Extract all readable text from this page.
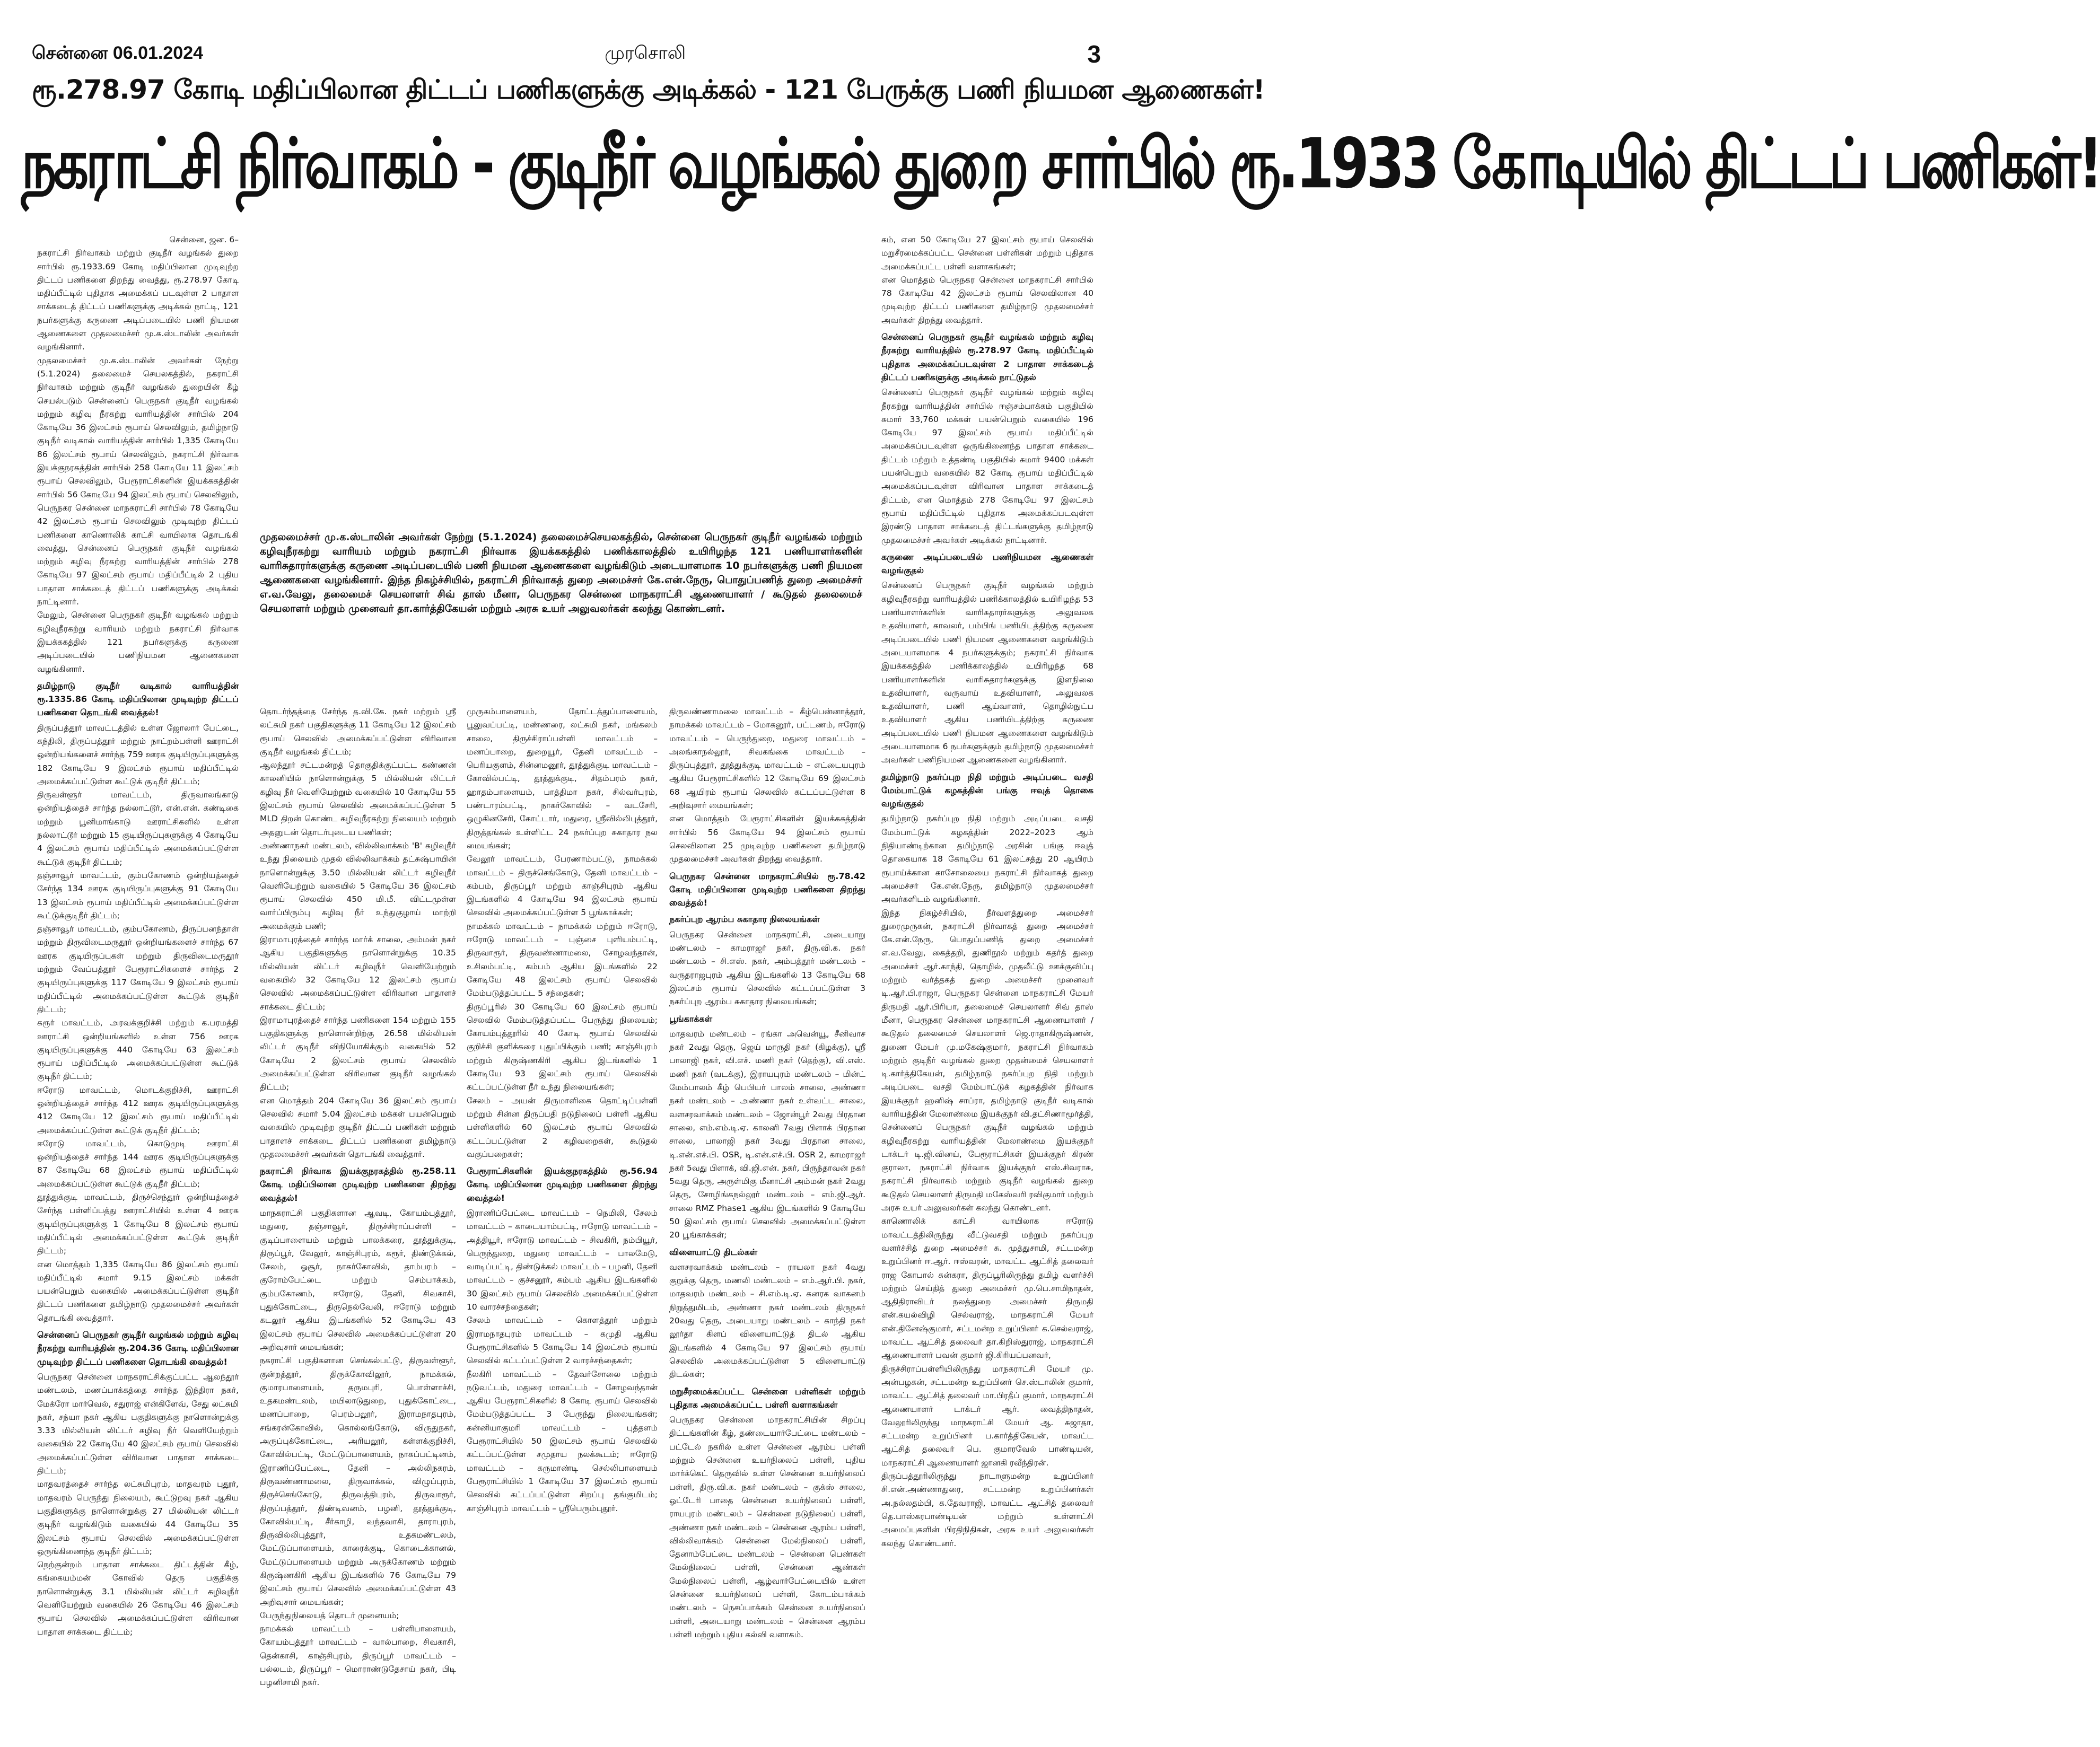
சென்னை 06.01.2024	முரசொலி	3
ரூ.278.97 கோடி மதிப்பிலான திட்டப் பணிகளுக்கு அடிக்கல் - 121 பேருக்கு பணி நியமன ஆணைகள்!
நகராட்சி நிர்வாகம் - குடிநீர் வழங்கல் துறை சார்பில் ரூ.1933 கோடியில் திட்டப் பணிகள்!
முதலமைச்சர் மு.க.ஸ்டாலின் அவர்கள் நேற்று (5.1.2024) தலைமைச்செயலகத்தில், சென்னை பெருநகர் குடிநீர் வழங்கல் மற்றும் கழிவுநீரகற்று வாரியம் மற்றும் நகராட்சி நிர்வாக இயக்ககத்தில் பணிக்காலத்தில் உயிரிழந்த 121 பணியாளர்களின் வாரிசுதாரர்களுக்கு கருணை அடிப்படையில் பணி நியமன ஆணைகளை வழங்கிடும் அடையாளமாக 10 நபர்களுக்கு பணி நியமன ஆணைகளை வழங்கினார். இந்த நிகழ்ச்சியில், நகராட்சி நிர்வாகத் துறை அமைச்சர் கே.என்.நேரு, பொதுப்பணித் துறை அமைச்சர் எ.வ.வேலு, தலைமைச் செயலாளர் சிவ் தாஸ் மீனா, பெருநகர சென்னை மாநகராட்சி ஆணையாளர் / கூடுதல் தலைமைச் செயலாளர் மற்றும் முனைவர் தா.கார்த்திகேயன் மற்றும் அரசு உயர் அலுவலர்கள் கலந்து கொண்டனர்.

சென்னை, ஜன. 6–

நகராட்சி நிர்வாகம் மற்றும் குடிநீர் வழங்கல் துறை சார்பில் ரூ.1933.69 கோடி மதிப்பிலான முடிவுற்ற திட்டப் பணிகளை திறந்து வைத்து, ரூ.278.97 கோடி மதிப்பீட்டில் புதிதாக அமைக்கப் படவுள்ள 2 பாதாள சாக்கடைத் திட்டப் பணிகளுக்கு அடிக்கல் நாட்டி, 121 நபர்களுக்கு கருணை அடிப்படையில் பணி நியமன ஆணைகளை முதலமைச்சர் மு.க.ஸ்டாலின் அவர்கள் வழங்கினார்.

முதலமைச்சர் மு.க.ஸ்டாலின் அவர்கள் நேற்று (5.1.2024) தலைமைச் செயலகத்தில், நகராட்சி நிர்வாகம் மற்றும் குடிநீர் வழங்கல் துறையின் கீழ் செயல்படும் சென்னைப் பெருநகர் குடிநீர் வழங்கல் மற்றும் கழிவு நீரகற்று வாரியத்தின் சார்பில் 204 கோடியே 36 இலட்சம் ரூபாய் செலவிலும், தமிழ்நாடு குடிநீர் வடிகால் வாரியத்தின் சார்பில் 1,335 கோடியே 86 இலட்சம் ரூபாய் செலவிலும், நகராட்சி நிர்வாக இயக்குநரகத்தின் சார்பில் 258 கோடியே 11 இலட்சம் ரூபாய் செலவிலும், பேரூராட்சிகளின் இயக்ககத்தின் சார்பில் 56 கோடியே 94 இலட்சம் ரூபாய் செலவிலும், பெருநகர சென்னை மாநகராட்சி சார்பில் 78 கோடியே 42 இலட்சம் ரூபாய் செலவிலும் முடிவுற்ற திட்டப் பணிகளை காணொலிக் காட்சி வாயிலாக தொடங்கி வைத்து, சென்னைப் பெருநகர் குடிநீர் வழங்கல் மற்றும் கழிவு நீரகற்று வாரியத்தின் சார்பில் 278 கோடியே 97 இலட்சம் ரூபாய் மதிப்பீட்டில் 2 புதிய பாதாள சாக்கடைத் திட்டப் பணிகளுக்கு அடிக்கல் நாட்டினார்.

மேலும், சென்னை பெருநகர் குடிநீர் வழங்கல் மற்றும் கழிவுநீரகற்று வாரியம் மற்றும் நகராட்சி நிர்வாக இயக்ககத்தில் 121 நபர்களுக்கு கருணை அடிப்படையில் பணிநியமன ஆணைகளை வழங்கினார்.

தமிழ்நாடு குடிநீர் வடிகால் வாரியத்தின் ரூ.1335.86 கோடி மதிப்பிலான முடிவுற்ற திட்டப் பணிகளை தொடங்கி வைத்தல்!

திருப்பத்தூர் மாவட்டத்தில் உள்ள ஜோலார் பேட்டை, கந்திலி, திருப்பத்தூர் மற்றும் நாட்றம்பள்ளி ஊராட்சி ஒன்றியங்களைச் சார்ந்த 759 ஊரக குடியிருப்புகளுக்கு 182 கோடியே 9 இலட்சம் ரூபாய் மதிப்பீட்டில் அமைக்கப்பட்டுள்ள கூட்டுக் குடிநீர் திட்டம்;

திருவள்ளூர் மாவட்டம், திருவாலங்காடு ஒன்றியத்தைச் சார்ந்த நல்லாட்டூர், என்.என். கண்டிகை மற்றும் பூனிமாங்காடு ஊராட்சிகளில் உள்ள நல்லாட்டூர் மற்றும் 15 குடியிருப்புகளுக்கு 4 கோடியே 4 இலட்சம் ரூபாய் மதிப்பீட்டில் அமைக்கப்பட்டுள்ள கூட்டுக் குடிநீர் திட்டம்;

தஞ்சாவூர் மாவட்டம், கும்பகோணம் ஒன்றியத்தைச் சேர்ந்த 134 ஊரக குடியிருப்புகளுக்கு 91 கோடியே 13 இலட்சம் ரூபாய் மதிப்பீட்டில் அமைக்கப்பட்டுள்ள கூட்டுக்குடிநீர் திட்டம்;

தஞ்சாவூர் மாவட்டம், கும்பகோணம், திருப்பனந்தாள் மற்றும் திருவிடைமருதூர் ஒன்றியங்களைச் சார்ந்த 67 ஊரக குடியிருப்புகள் மற்றும் திருவிடைமருதூர் மற்றும் வேப்பத்தூர் பேரூராட்சிகளைச் சார்ந்த 2 குடியிருப்புகளுக்கு 117 கோடியே 9 இலட்சம் ரூபாய் மதிப்பீட்டில் அமைக்கப்பட்டுள்ள கூட்டுக் குடிநீர் திட்டம்;

கரூர் மாவட்டம், அரவக்குறிச்சி மற்றும் க.பரமத்தி ஊராட்சி ஒன்றியங்களில் உள்ள 756 ஊரக குடியிருப்புகளுக்கு 440 கோடியே 63 இலட்சம் ரூபாய் மதிப்பீட்டில் அமைக்கப்பட்டுள்ள கூட்டுக் குடிநீர் திட்டம்;

ஈரோடு மாவட்டம், மொடக்குறிச்சி, ஊராட்சி ஒன்றியத்தைச் சார்ந்த 412 ஊரக குடியிருப்புகளுக்கு 412 கோடியே 12 இலட்சம் ரூபாய் மதிப்பீட்டில் அமைக்கப்பட்டுள்ள கூட்டுக் குடிநீர் திட்டம்;

ஈரோடு மாவட்டம், கொடுமுடி ஊராட்சி ஒன்றியத்தைச் சார்ந்த 144 ஊரக குடியிருப்புகளுக்கு 87 கோடியே 68 இலட்சம் ரூபாய் மதிப்பீட்டில் அமைக்கப்பட்டுள்ள கூட்டுக் குடிநீர் திட்டம்;

தூத்துக்குடி மாவட்டம், திருச்செந்தூர் ஒன்றியத்தைச் சேர்ந்த பள்ளிப்பத்து ஊராட்சியில் உள்ள 4 ஊரக குடியிருப்புகளுக்கு 1 கோடியே 8 இலட்சம் ரூபாய் மதிப்பீட்டில் அமைக்கப்பட்டுள்ள கூட்டுக் குடிநீர் திட்டம்;

என மொத்தம் 1,335 கோடியே 86 இலட்சம் ரூபாய் மதிப்பீட்டில் சுமார் 9.15 இலட்சம் மக்கள் பயன்பெறும் வகையில் அமைக்கப்பட்டுள்ள குடிநீர் திட்டப் பணிகளை தமிழ்நாடு முதலமைச்சர் அவர்கள் தொடங்கி வைத்தார்.

சென்னைப் பெருநகர் குடிநீர் வழங்கல் மற்றும் கழிவு நீரகற்று வாரியத்தின் ரூ.204.36 கோடி மதிப்பிலான முடிவுற்ற திட்டப் பணிகளை தொடங்கி வைத்தல்!

பெருநகர சென்னை மாநகராட்சிக்குட்பட்ட ஆலந்தூர் மண்டலம், மணப்பாக்கத்தை சார்ந்த இந்திரா நகர், மேக்ரோ மார்வெல், சதுராஜ் என்கிளேவ், சேது லட்சுமி நகர், சந்யா நகர் ஆகிய பகுதிகளுக்கு நாளொன்றுக்கு 3.33 மில்லியன் லிட்டர் கழிவு நீர் வெளியேற்றும் வகையில் 22 கோடியே 40 இலட்சம் ரூபாய் செலவில் அமைக்கப்பட்டுள்ள விரிவான பாதாள சாக்கடை திட்டம்;

மாதவரத்தைச் சார்ந்த லட்சுமிபுரம், மாதவரம் புதூர், மாதவரம் பெருந்து நிலையம், கூட்டுறவு நகர் ஆகிய பகுதிகளுக்கு நாளொன்றுக்கு 27 மில்லியன் லிட்டர் குடிநீர் வழங்கிடும் வகையில் 44 கோடியே 35 இலட்சம் ரூபாய் செலவில் அமைக்கப்பட்டுள்ள ஒருங்கிணைந்த குடிநீர் திட்டம்;

நெற்குன்றம் பாதாள சாக்கடை திட்டத்தின் கீழ், கங்கையம்மன் கோவில் தெரு பகுதிக்கு நாளொன்றுக்கு 3.1 மில்லியன் லிட்டர் கழிவுநீர் வெளியேற்றும் வகையில் 26 கோடியே 46 இலட்சம் ரூபாய் செலவில் அமைக்கப்பட்டுள்ள விரிவான பாதாள சாக்கடை திட்டம்;

தொடர்ந்தத்தை சேர்ந்த த.வி.கே. நகர் மற்றும் ஸ்ரீ லட்சுமி நகர் பகுதிகளுக்கு 11 கோடியே 12 இலட்சம் ரூபாய் செலவில் அமைக்கப்பட்டுள்ள விரிவான குடிநீர் வழங்கல் திட்டம்;

ஆலந்தூர் சட்டமன்றத் தொகுதிக்குட்பட்ட கண்ணன் காலனியில் நாளொன்றுக்கு 5 மில்லியன் லிட்டர் கழிவு நீர் வெளியேற்றும் வகையில் 10 கோடியே 55 இலட்சம் ரூபாய் செலவில் அமைக்கப்பட்டுள்ள 5 MLD திறன் கொண்ட கழிவுநீரகற்று நிலையம் மற்றும் அதனுடன் தொடர்புடைய பணிகள்;

அண்ணாநகர் மண்டலம், வில்லிவாக்கம் 'B' கழிவுநீர் உந்து நிலையம் முதல் வில்லிவாக்கம் தட்சுஷ்பாயின் நாளொன்றுக்கு 3.50 மில்லியன் லிட்டர் கழிவுநீர் வெளியேற்றும் வகையில் 5 கோடியே 36 இலட்சம் ரூபாய் செலவில் 450 மி.மீ. விட்டமுள்ள வார்ப்பிரும்பு கழிவு நீர் உந்துகுழாய் மாற்றி அமைக்கும் பணி;

இராமாபுரத்தைச் சார்ந்த மார்க் சாலை, அம்மன் நகர் ஆகிய பகுதிகளுக்கு நாளொன்றுக்கு 10.35 மில்லியன் லிட்டர் கழிவுநீர் வெளியேற்றும் வகையில் 32 கோடியே 12 இலட்சம் ரூபாய் செலவில் அமைக்கப்பட்டுள்ள விரிவான பாதாளச் சாக்கடை திட்டம்;

இராமாபுரத்தைச் சார்ந்த பணிகளை 154 மற்றும் 155 பகுதிகளுக்கு நாளொன்றிற்கு 26.58 மில்லியன் லிட்டர் குடிநீர் விநியோகிக்கும் வகையில் 52 கோடியே 2 இலட்சம் ரூபாய் செலவில் அமைக்கப்பட்டுள்ள விரிவான குடிநீர் வழங்கல் திட்டம்;

என மொத்தம் 204 கோடியே 36 இலட்சம் ரூபாய் செலவில் சுமார் 5.04 இலட்சம் மக்கள் பயன்பெறும் வகையில் முடிவுற்ற குடிநீர் திட்டப் பணிகள் மற்றும் பாதாளச் சாக்கடை திட்டப் பணிகளை தமிழ்நாடு முதலமைச்சர் அவர்கள் தொடங்கி வைத்தார்.

நகராட்சி நிர்வாக இயக்குநரகத்தில் ரூ.258.11 கோடி மதிப்பிலான முடிவுற்ற பணிகளை திறந்து வைத்தல்!

மாநகராட்சி பகுதிகளான ஆவடி, கோயம்புத்தூர், மதுரை, தஞ்சாவூர், திருச்சிராப்பள்ளி – குடிப்பாளையம் மற்றும் பாலக்கரை, தூத்துக்குடி, திருப்பூர், வேலூர், காஞ்சிபுரம், கரூர், திண்டுக்கல், சேலம், ஓசூர், நாகர்கோவில், தாம்பரம் – குரோம்பேட்டை மற்றும் செம்பாக்கம், கும்பகோணம், ஈரோடு, தேனி, சிவகாசி, புதுக்கோட்டை, திருநெல்வேலி, ஈரோடு மற்றும் கடலூர் ஆகிய இடங்களில் 52 கோடியே 43 இலட்சம் ரூபாய் செலவில் அமைக்கப்பட்டுள்ள 20 அறிவுசார் மையங்கள்;

நகராட்சி பகுதிகளான செங்கல்பட்டு, திருவள்ளூர், குன்றத்தூர், திருக்கோவிலூர், நாமக்கல், குமாரபாளையம், தருமபுரி, பொள்ளாச்சி, உதகமண்டலம், மயிலாடுதுறை, புதுக்கோட்டை, மணப்பாறை, பெரம்பலூர், இராமநாதபுரம், சங்கரன்கோவில், கொல்லங்கோடு, விருதுநகர், அருப்புக்கோட்டை, அரியலூர், கள்ளக்குறிச்சி, கோவில்பட்டி, மேட்டுப்பாளையம், நாகப்பட்டினம், இராணிப்பேட்டை, தேனி – அல்லிநகரம், திருவண்ணாமலை, திருவாக்கல், விழுப்புரம், திருச்செங்கோடு, திருவத்திபுரம், திருவாரூர், திருப்பத்தூர், திண்டிவனம், பழனி, தூத்துக்குடி, கோவில்பட்டி, சீர்காழி, வந்தவாசி, தாராபுரம், திருவில்லிபுத்தூர், உதகமண்டலம், மேட்டுப்பாளையம், காரைக்குடி, கொடைக்கானல், மேட்டுப்பாளையம் மற்றும் அருக்கோணம் மற்றும் கிருஷ்ணகிரி ஆகிய இடங்களில் 76 கோடியே 79 இலட்சம் ரூபாய் செலவில் அமைக்கப்பட்டுள்ள 43 அறிவுசார் மையங்கள்;

பேருந்துநிலையத் தொடர் முனையம்;

நாமக்கல் மாவட்டம் – பள்ளிபாளையம், கோயம்புத்தூர் மாவட்டம் – வால்பாறை, சிவகாசி, தென்காசி, காஞ்சிபுரம், திருப்பூர் மாவட்டம் – பல்லடம், திருப்பூர் – மொராண்டுதேசாய் நகர், பிடி பழனிசாமி நகர்.

முருகம்பாளையம், தோட்டத்துப்பாளையம், பூலுவப்பட்டி, மண்ணரை, லட்சுமி நகர், மங்கலம் சாலை, திருச்சிராப்பள்ளி மாவட்டம் – மணப்பாறை, துறையூர், தேனி மாவட்டம் – பெரியகுளம், சின்னமனூர், தூத்துக்குடி மாவட்டம் – கோவில்பட்டி, தூத்துக்குடி, சிதம்பரம் நகர், ஹாதம்பாளையம், பாத்திமா நகர், சில்வர்புரம், பண்டாரம்பட்டி, நாகர்கோவில் – வடசேரி, ஒழுகினசேரி, கோட்டார், மதுரை, ஸ்ரீவில்லிபுத்தூர், திருத்தங்கல் உள்ளிட்ட 24 நகர்ப்புற சுகாதார நல மையங்கள்;

வேலூர் மாவட்டம், பேரணாம்பட்டு, நாமக்கல் மாவட்டம் – திருச்செங்கோடு, தேனி மாவட்டம் – கம்பம், திருப்பூர் மற்றும் காஞ்சிபுரம் ஆகிய இடங்களில் 4 கோடியே 94 இலட்சம் ரூபாய் செலவில் அமைக்கப்பட்டுள்ள 5 பூங்காக்கள்;

நாமக்கல் மாவட்டம் – நாமக்கல் மற்றும் ஈரோடு, ஈரோடு மாவட்டம் – புஞ்சை புளியம்பட்டி, திருவாரூர், திருவண்ணாமலை, சோழவந்தான், உசிலம்பட்டி, கம்பம் ஆகிய இடங்களில் 22 கோடியே 48 இலட்சம் ரூபாய் செலவில் மேம்படுத்தப்பட்ட 5 சந்தைகள்;

திருப்பூரில் 30 கோடியே 60 இலட்சம் ரூபாய் செலவில் மேம்படுத்தப்பட்ட பேருந்து நிலையம்; கோயம்புத்தூரில் 40 கோடி ரூபாய் செலவில் குறிச்சி குளிக்கரை புதுப்பிக்கும் பணி; காஞ்சிபுரம் மற்றும் கிருஷ்ணகிரி ஆகிய இடங்களில் 1 கோடியே 93 இலட்சம் ரூபாய் செலவில் கட்டப்பட்டுள்ள நீர் உந்து நிலையங்கள்;

சேலம் – அயன் திருமாளிகை தொட்டிப்பள்ளி மற்றும் சின்ன திருப்பதி நடுநிலைப் பள்ளி ஆகிய பள்ளிகளில் 60 இலட்சம் ரூபாய் செலவில் கட்டப்பட்டுள்ள 2 கழிவறைகள், கூடுதல் வகுப்பறைகள்;

பேரூராட்சிகளின் இயக்குநரகத்தில் ரூ.56.94 கோடி மதிப்பிலான முடிவுற்ற பணிகளை திறந்து வைத்தல்!

இராணிப்பேட்டை மாவட்டம் – நெமிலி, சேலம் மாவட்டம் – காடையாம்பட்டி, ஈரோடு மாவட்டம் – அத்தியூர், ஈரோடு மாவட்டம் – சிவகிரி, நம்பியூர், பெருந்துறை, மதுரை மாவட்டம் – பாலமேடு, வாடிப்பட்டி, திண்டுக்கல் மாவட்டம் – பழனி, தேனி மாவட்டம் – குச்சனூர், கம்பம் ஆகிய இடங்களில் 30 இலட்சம் ரூபாய் செலவில் அமைக்கப்பட்டுள்ள 10 வாரச்சந்தைகள்;

சேலம் மாவட்டம் – கொளத்தூர் மற்றும் இராமநாதபுரம் மாவட்டம் – கமுதி ஆகிய பேரூராட்சிகளில் 5 கோடியே 14 இலட்சம் ரூபாய் செலவில் கட்டப்பட்டுள்ள 2 வாரச்சந்தைகள்;

நீலகிரி மாவட்டம் – தேவர்சோலை மற்றும் நடுவட்டம், மதுரை மாவட்டம் – சோழவந்தான் ஆகிய பேரூராட்சிகளில் 8 கோடி ரூபாய் செலவில் மேம்படுத்தப்பட்ட 3 பேருந்து நிலையங்கள்; கன்னியாகுமரி மாவட்டம் – புத்தளம் பேரூராட்சியில் 50 இலட்சம் ரூபாய் செலவில் கட்டப்பட்டுள்ள சமுதாய நலக்கூடம்; ஈரோடு மாவட்டம் – கருமாண்டி செல்லிபாளையம் பேரூராட்சியில் 1 கோடியே 37 இலட்சம் ரூபாய் செலவில் கட்டப்பட்டுள்ள சிறப்பு தங்குமிடம்; காஞ்சிபுரம் மாவட்டம் – ஸ்ரீபெரும்புதூர்.

திருவண்ணாமலை மாவட்டம் – கீழ்பென்னாத்தூர், நாமக்கல் மாவட்டம் – மோகனூர், பட்டணம், ஈரோடு மாவட்டம் – பெருந்துறை, மதுரை மாவட்டம் – அலங்காநல்லூர், சிவகங்கை மாவட்டம் – திருப்புத்தூர், தூத்துக்குடி மாவட்டம் – எட்டையபுரம் ஆகிய பேரூராட்சிகளில் 12 கோடியே 69 இலட்சம் 68 ஆயிரம் ரூபாய் செலவில் கட்டப்பட்டுள்ள 8 அறிவுசார் மையங்கள்;

என மொத்தம் பேரூராட்சிகளின் இயக்ககத்தின் சார்பில் 56 கோடியே 94 இலட்சம் ரூபாய் செலவிலான 25 முடிவுற்ற பணிகளை தமிழ்நாடு முதலமைச்சர் அவர்கள் திறந்து வைத்தார்.

பெருநகர சென்னை மாநகராட்சியில் ரூ.78.42 கோடி மதிப்பிலான முடிவுற்ற பணிகளை திறந்து வைத்தல்!
நகர்ப்புற ஆரம்ப சுகாதார நிலையங்கள்

பெருநகர சென்னை மாநகராட்சி, அடையாறு மண்டலம் – காமராஜர் நகர், திரு.வி.க. நகர் மண்டலம் – சி.எஸ். நகர், அம்பத்தூர் மண்டலம் – வருதராஜபுரம் ஆகிய இடங்களில் 13 கோடியே 68 இலட்சம் ரூபாய் செலவில் கட்டப்பட்டுள்ள 3 நகர்ப்புற ஆரம்ப சுகாதார நிலையங்கள்;

பூங்காக்கள்

மாதவரம் மண்டலம் – ரங்கா அவென்யூ, சீனிவாச நகர் 2வது தெரு, ஜெய் மாருதி நகர் (கிழக்கு), ஸ்ரீ பாலாஜி நகர், வி.எச். மணி நகர் (தெற்கு), வி.எஸ். மணி நகர் (வடக்கு), இராயபுரம் மண்டலம் – மின்ட் மேம்பாலம் கீழ் பெபியர் பாலம் சாலை, அண்ணா நகர் மண்டலம் – அண்ணா நகர் உள்வட்ட சாலை, வளசரவாக்கம் மண்டலம் – ஜோன்பூர் 2வது பிரதான சாலை, எம்.எம்.டி.ஏ. காலனி 7வது பிளாக் பிரதான சாலை, பாலாஜி நகர் 3வது பிரதான சாலை, டி.என்.எச்.பி. OSR, டி.என்.எச்.பி. OSR 2, காமராஜர் நகர் 5வது பிளாக், வி.ஜி.என். நகர், பிருந்தாவன் நகர் 5வது தெரு, அருள்மிகு மீனாட்சி அம்மன் நகர் 2வது தெரு, சோழிங்கநல்லூர் மண்டலம் – எம்.ஜி.ஆர். சாலை RMZ Phase1 ஆகிய இடங்களில் 9 கோடியே 50 இலட்சம் ரூபாய் செலவில் அமைக்கப்பட்டுள்ள 20 பூங்காக்கள்;

விளையாட்டு திடல்கள்

வளசரவாக்கம் மண்டலம் – ராயலா நகர் 4வது குறுக்கு தெரு, மணலி மண்டலம் – எம்.ஆர்.பி. நகர், மாதவரம் மண்டலம் – சி.எம்.டி.ஏ. கனரக வாகனம் நிறுத்துமிடம், அண்ணா நகர் மண்டலம் திருநகர் 20வது தெரு, அடையாறு மண்டலம் – காந்தி நகர் லூர்தா கிளப் விளையாட்டுத் திடல் ஆகிய இடங்களில் 4 கோடியே 97 இலட்சம் ரூபாய் செலவில் அமைக்கப்பட்டுள்ள 5 விளையாட்டு திடல்கள்;

மறுசீரமைக்கப்பட்ட சென்னை பள்ளிகள் மற்றும் புதிதாக அமைக்கப்பட்ட பள்ளி வளாகங்கள்

பெருநகர சென்னை மாநகராட்சியின் சிறப்பு திட்டங்களின் கீழ், தண்டையார்பேட்டை மண்டலம் – பட்டேல் நகரில் உள்ள சென்னை ஆரம்ப பள்ளி மற்றும் சென்னை உயர்நிலைப் பள்ளி, புதிய மார்க்கெட் தெருவில் உள்ள சென்னை உயர்நிலைப் பள்ளி, திரு.வி.க. நகர் மண்டலம் – குக்ஸ் சாலை, ஓட்டேரி பாதை சென்னை உயர்நிலைப் பள்ளி, ராயபுரம் மண்டலம் – சென்னை நடுநிலைப் பள்ளி, அண்ணா நகர் மண்டலம் – சென்னை ஆரம்ப பள்ளி, வில்லிவாக்கம் சென்னை மேல்நிலைப் பள்ளி, தேனாம்பேட்டை மண்டலம் – சென்னை பெண்கள் மேல்நிலைப் பள்ளி, சென்னை ஆண்கள் மேல்நிலைப் பள்ளி, ஆழ்வார்பேட்டையில் உள்ள சென்னை உயர்நிலைப் பள்ளி, கோடம்பாக்கம் மண்டலம் – நெசப்பாக்கம் சென்னை உயர்நிலைப் பள்ளி, அடையாறு மண்டலம் – சென்னை ஆரம்ப பள்ளி மற்றும் புதிய கல்வி வளாகம்.

கம், என 50 கோடியே 27 இலட்சம் ரூபாய் செலவில் மறுசீரமைக்கப்பட்ட சென்னை பள்ளிகள் மற்றும் புதிதாக அமைக்கப்பட்ட பள்ளி வளாகங்கள்;

என மொத்தம் பெருநகர சென்னை மாநகராட்சி சார்பில் 78 கோடியே 42 இலட்சம் ரூபாய் செலவிலான 40 முடிவுற்ற திட்டப் பணிகளை தமிழ்நாடு முதலமைச்சர் அவர்கள் திறந்து வைத்தார்.

சென்னைப் பெருநகர் குடிநீர் வழங்கல் மற்றும் கழிவு நீரகற்று வாரியத்தில் ரூ.278.97 கோடி மதிப்பீட்டில் புதிதாக அமைக்கப்படவுள்ள 2 பாதாள சாக்கடைத் திட்டப் பணிகளுக்கு அடிக்கல் நாட்டுதல்

சென்னைப் பெருநகர் குடிநீர் வழங்கல் மற்றும் கழிவு நீரகற்று வாரியத்தின் சார்பில் ஈஞ்சம்பாக்கம் பகுதியில் சுமார் 33,760 மக்கள் பயன்பெறும் வகையில் 196 கோடியே 97 இலட்சம் ரூபாய் மதிப்பீட்டில் அமைக்கப்படவுள்ள ஒருங்கிணைந்த பாதாள சாக்கடை திட்டம் மற்றும் உத்தண்டி பகுதியில் சுமார் 9400 மக்கள் பயன்பெறும் வகையில் 82 கோடி ரூபாய் மதிப்பீட்டில் அமைக்கப்படவுள்ள விரிவான பாதாள சாக்கடைத் திட்டம், என மொத்தம் 278 கோடியே 97 இலட்சம் ரூபாய் மதிப்பீட்டில் புதிதாக அமைக்கப்படவுள்ள இரண்டு பாதாள சாக்கடைத் திட்டங்களுக்கு தமிழ்நாடு முதலமைச்சர் அவர்கள் அடிக்கல் நாட்டினார்.

கருணை அடிப்படையில் பணிநியமன ஆணைகள் வழங்குதல்

சென்னைப் பெருநகர் குடிநீர் வழங்கல் மற்றும் கழிவுநீரகற்று வாரியத்தில் பணிக்காலத்தில் உயிரிழந்த 53 பணியாளர்களின் வாரிசுதாரர்களுக்கு அலுவலக உதவியாளர், காவலர், பம்பிங் பணியிடத்திற்கு கருணை அடிப்படையில் பணி நியமன ஆணைகளை வழங்கிடும் அடையாளமாக 4 நபர்களுக்கும்; நகராட்சி நிர்வாக இயக்ககத்தில் பணிக்காலத்தில் உயிரிழந்த 68 பணியாளர்களின் வாரிசுதாரர்களுக்கு இளநிலை உதவியாளர், வருவாய் உதவியாளர், அலுவலக உதவியாளர், பணி ஆய்வாளர், தொழில்நுட்ப உதவியாளர் ஆகிய பணியிடத்திற்கு கருணை அடிப்படையில் பணி நியமன ஆணைகளை வழங்கிடும் அடையாளமாக 6 நபர்களுக்கும் தமிழ்நாடு முதலமைச்சர் அவர்கள் பணிநியமன ஆணைகளை வழங்கினார்.

தமிழ்நாடு நகர்ப்புற நிதி மற்றும் அடிப்படை வசதி மேம்பாட்டுக் கழகத்தின் பங்கு ஈவுத் தொகை வழங்குதல்

தமிழ்நாடு நகர்ப்புற நிதி மற்றும் அடிப்படை வசதி மேம்பாட்டுக் கழகத்தின் 2022–2023 ஆம் நிதியாண்டிற்கான தமிழ்நாடு அரசின் பங்கு ஈவுத் தொகையாக 18 கோடியே 61 இலட்சத்து 20 ஆயிரம் ரூபாய்க்கான காசோலையை நகராட்சி நிர்வாகத் துறை அமைச்சர் கே.என்.நேரு, தமிழ்நாடு முதலமைச்சர் அவர்களிடம் வழங்கினார்.

இந்த நிகழ்ச்சியில், நீர்வளத்துறை அமைச்சர் துரைமுருகன், நகராட்சி நிர்வாகத் துறை அமைச்சர் கே.என்.நேரு, பொதுப்பணித் துறை அமைச்சர் எ.வ.வேலு, கைத்தறி, துணிநூல் மற்றும் கதர்த் துறை அமைச்சர் ஆர்.காந்தி, தொழில், முதலீட்டு ஊக்குவிப்பு மற்றும் வர்த்தகத் துறை அமைச்சர் முனைவர் டி.ஆர்.பி.ராஜா, பெருநகர சென்னை மாநகராட்சி மேயர் திருமதி ஆர்.பிரியா, தலைமைச் செயலாளர் சிவ் தாஸ் மீனா, பெருநகர சென்னை மாநகராட்சி ஆணையாளர் / கூடுதல் தலைமைச் செயலாளர் ஜெ.ராதாகிருஷ்ணன், துணை மேயர் மு.மகேஷ்குமார், நகராட்சி நிர்வாகம் மற்றும் குடிநீர் வழங்கல் துறை முதன்மைச் செயலாளர் டி.கார்த்திகேயன், தமிழ்நாடு நகர்ப்புற நிதி மற்றும் அடிப்படை வசதி மேம்பாட்டுக் கழகத்தின் நிர்வாக இயக்குநர் ஹனிஷ் சாப்ரா, தமிழ்நாடு குடிநீர் வடிகால் வாரியத்தின் மேலாண்மை இயக்குநர் வி.தட்சிணாமூர்த்தி, சென்னைப் பெருநகர் குடிநீர் வழங்கல் மற்றும் கழிவுநீரகற்று வாரியத்தின் மேலாண்மை இயக்குநர் டாக்டர் டி.ஜி.வினய், பேரூராட்சிகள் இயக்குநர் கிரண் குராலா, நகராட்சி நிர்வாக இயக்குநர் எஸ்.சிவராசு, நகராட்சி நிர்வாகம் மற்றும் குடிநீர் வழங்கல் துறை கூடுதல் செயலாளர் திருமதி மகேஸ்வரி ரவிகுமார் மற்றும் அரசு உயர் அலுவலர்கள் கலந்து கொண்டனர்.

காணொலிக் காட்சி வாயிலாக ஈரோடு மாவட்டத்திலிருந்து வீட்டுவசதி மற்றும் நகர்ப்புற வளர்ச்சித் துறை அமைச்சர் சு. முத்துசாமி, சட்டமன்ற உறுப்பினர் ஈ.ஆர். ஈஸ்வரன், மாவட்ட ஆட்சித் தலைவர் ராஜ கோபால் சுன்கரா, திருப்பூரிலிருந்து தமிழ் வளர்ச்சி மற்றும் செய்தித் துறை அமைச்சர் மு.பெ.சாமிநாதன், ஆதிதிராவிடர் நலத்துறை அமைச்சர் திருமதி என்.கயல்விழி செல்வராஜ், மாநகராட்சி மேயர் என்.தினேஷ்குமார், சட்டமன்ற உறுப்பினர் க.செல்வராஜ், மாவட்ட ஆட்சித் தலைவர் தா.கிறிஸ்துராஜ், மாநகராட்சி ஆணையாளர் பவன் குமார் ஜி.கிரியப்பனவர்,

திருச்சிராப்பள்ளியிலிருந்து மாநகராட்சி மேயர் மு. அன்பழகன், சட்டமன்ற உறுப்பினர் செ.ஸ்டாலின் குமார், மாவட்ட ஆட்சித் தலைவர் மா.பிரதீப் குமார், மாநகராட்சி ஆணையாளர் டாக்டர் ஆர். வைத்திநாதன், வேலூரிலிருந்து மாநகராட்சி மேயர் ஆ. சுஜாதா, சட்டமன்ற உறுப்பினர் ப.கார்த்திகேயன், மாவட்ட ஆட்சித் தலைவர் பெ. குமாரவேல் பாண்டியன், மாநகராட்சி ஆணையாளர் ஜானகி ரவீந்திரன்.

திருப்பத்தூரிலிருந்து நாடாளுமன்ற உறுப்பினர் சி.என்.அண்ணாதுரை, சட்டமன்ற உறுப்பினர்கள் அ.நல்லதம்பி, க.தேவராஜி, மாவட்ட ஆட்சித் தலைவர் தெ.பாஸ்கரபாண்டியன் மற்றும் உள்ளாட்சி அமைப்புகளின் பிரதிநிதிகள், அரசு உயர் அலுவலர்கள் கலந்து கொண்டனர்.
